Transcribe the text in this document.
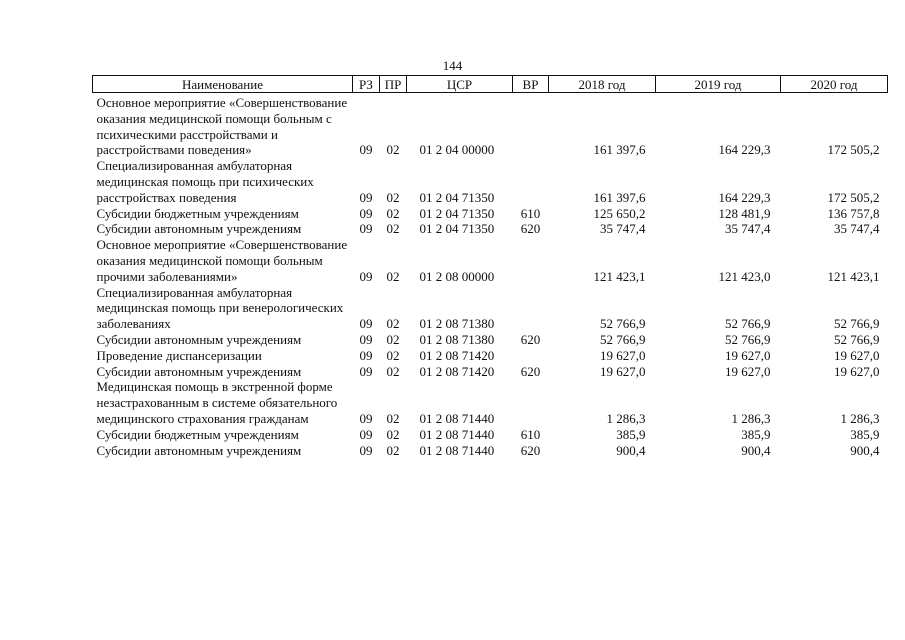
144
Наименование	РЗ	ПР	ЦСР	ВР	2018 год	2019 год	2020 год
Основное мероприятие «Совершенствование оказания медицинской помощи больным с психическими расстройствами и расстройствами поведения»	09	02	01 2 04 00000		161 397,6	164 229,3	172 505,2
Специализированная амбулаторная медицинская помощь при психических расстройствах поведения	09	02	01 2 04 71350		161 397,6	164 229,3	172 505,2
Субсидии бюджетным учреждениям	09	02	01 2 04 71350	610	125 650,2	128 481,9	136 757,8
Субсидии автономным учреждениям	09	02	01 2 04 71350	620	35 747,4	35 747,4	35 747,4
Основное мероприятие «Совершенствование оказания медицинской помощи больным прочими заболеваниями»	09	02	01 2 08 00000		121 423,1	121 423,0	121 423,1
Специализированная амбулаторная медицинская помощь при венерологических заболеваниях	09	02	01 2 08 71380		52 766,9	52 766,9	52 766,9
Субсидии автономным учреждениям	09	02	01 2 08 71380	620	52 766,9	52 766,9	52 766,9
Проведение диспансеризации	09	02	01 2 08 71420		19 627,0	19 627,0	19 627,0
Субсидии автономным учреждениям	09	02	01 2 08 71420	620	19 627,0	19 627,0	19 627,0
Медицинская помощь в экстренной форме незастрахованным в системе обязательного медицинского страхования гражданам	09	02	01 2 08 71440		1 286,3	1 286,3	1 286,3
Субсидии бюджетным учреждениям	09	02	01 2 08 71440	610	385,9	385,9	385,9
Субсидии автономным учреждениям	09	02	01 2 08 71440	620	900,4	900,4	900,4
